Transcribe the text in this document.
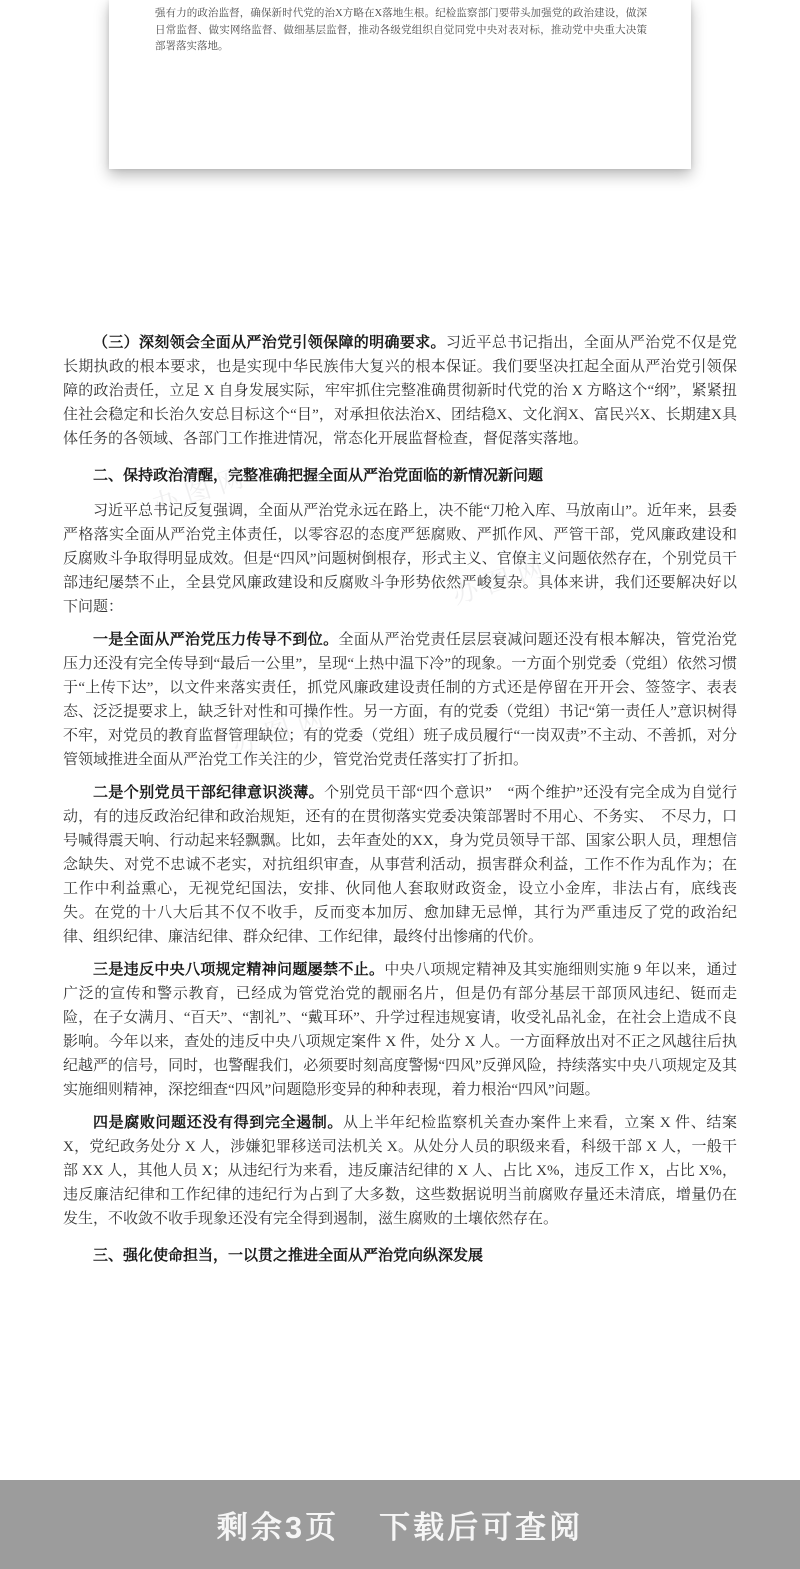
强有力的政治监督，确保新时代党的治X方略在X落地生根。纪检监察部门要带头加强党的政治建设，做深日常监督、做实网络监督、做细基层监督，推动各级党组织自觉同党中央对表对标，推动党中央重大决策部署落实落地。

（三）深刻领会全面从严治党引领保障的明确要求。习近平总书记指出，全面从严治党不仅是党长期执政的根本要求，也是实现中华民族伟大复兴的根本保证。我们要坚决扛起全面从严治党引领保障的政治责任，立足 X 自身发展实际，牢牢抓住完整准确贯彻新时代党的治 X 方略这个“纲”，紧紧扭住社会稳定和长治久安总目标这个“目”，对承担依法治X、团结稳X、文化润X、富民兴X、长期建X具体任务的各领域、各部门工作推进情况，常态化开展监督检查，督促落实落地。

二、保持政治清醒，完整准确把握全面从严治党面临的新情况新问题

习近平总书记反复强调，全面从严治党永远在路上，决不能“刀枪入库、马放南山”。近年来，县委严格落实全面从严治党主体责任，以零容忍的态度严惩腐败、严抓作风、严管干部，党风廉政建设和反腐败斗争取得明显成效。但是“四风”问题树倒根存，形式主义、官僚主义问题依然存在，个别党员干部违纪屡禁不止，全县党风廉政建设和反腐败斗争形势依然严峻复杂。具体来讲，我们还要解决好以下问题：

一是全面从严治党压力传导不到位。全面从严治党责任层层衰减问题还没有根本解决，管党治党压力还没有完全传导到“最后一公里”，呈现“上热中温下冷”的现象。一方面个别党委（党组）依然习惯于“上传下达”，以文件来落实责任，抓党风廉政建设责任制的方式还是停留在开开会、签签字、表表态、泛泛提要求上，缺乏针对性和可操作性。另一方面，有的党委（党组）书记“第一责任人”意识树得不牢，对党员的教育监督管理缺位；有的党委（党组）班子成员履行“一岗双责”不主动、不善抓，对分管领域推进全面从严治党工作关注的少，管党治党责任落实打了折扣。

二是个别党员干部纪律意识淡薄。个别党员干部“四个意识”　“两个维护”还没有完全成为自觉行动，有的违反政治纪律和政治规矩，还有的在贯彻落实党委决策部署时不用心、不务实、　不尽力，口号喊得震天响、行动起来轻飘飘。比如，去年查处的XX，身为党员领导干部、国家公职人员，理想信念缺失、对党不忠诚不老实，对抗组织审查，从事营利活动，损害群众利益，工作不作为乱作为；在工作中利益熏心，无视党纪国法，安排、伙同他人套取财政资金，设立小金库，非法占有，底线丧失。在党的十八大后其不仅不收手，反而变本加厉、愈加肆无忌惮，其行为严重违反了党的政治纪律、组织纪律、廉洁纪律、群众纪律、工作纪律，最终付出惨痛的代价。

三是违反中央八项规定精神问题屡禁不止。中央八项规定精神及其实施细则实施 9 年以来，通过广泛的宣传和警示教育，已经成为管党治党的靓丽名片，但是仍有部分基层干部顶风违纪、铤而走险，在子女满月、“百天”、“割礼”、“戴耳环”、升学过程违规宴请，收受礼品礼金，在社会上造成不良影响。今年以来，查处的违反中央八项规定案件 X 件，处分 X 人。一方面释放出对不正之风越往后执纪越严的信号，同时，也警醒我们，必须要时刻高度警惕“四风”反弹风险，持续落实中央八项规定及其实施细则精神，深挖细查“四风”问题隐形变异的种种表现，着力根治“四风”问题。

四是腐败问题还没有得到完全遏制。从上半年纪检监察机关查办案件上来看，立案 X 件、结案 X，党纪政务处分 X 人，涉嫌犯罪移送司法机关 X。从处分人员的职级来看，科级干部 X 人，一般干部 XX 人，其他人员 X；从违纪行为来看，违反廉洁纪律的 X 人、占比 X%，违反工作 X，占比 X%，违反廉洁纪律和工作纪律的违纪行为占到了大多数，这些数据说明当前腐败存量还未清底，增量仍在发生，不收敛不收手现象还没有完全得到遏制，滋生腐败的土壤依然存在。

三、强化使命担当，一以贯之推进全面从严治党向纵深发展
办图网
办图网
办图网
剩余3页 下载后可查阅
